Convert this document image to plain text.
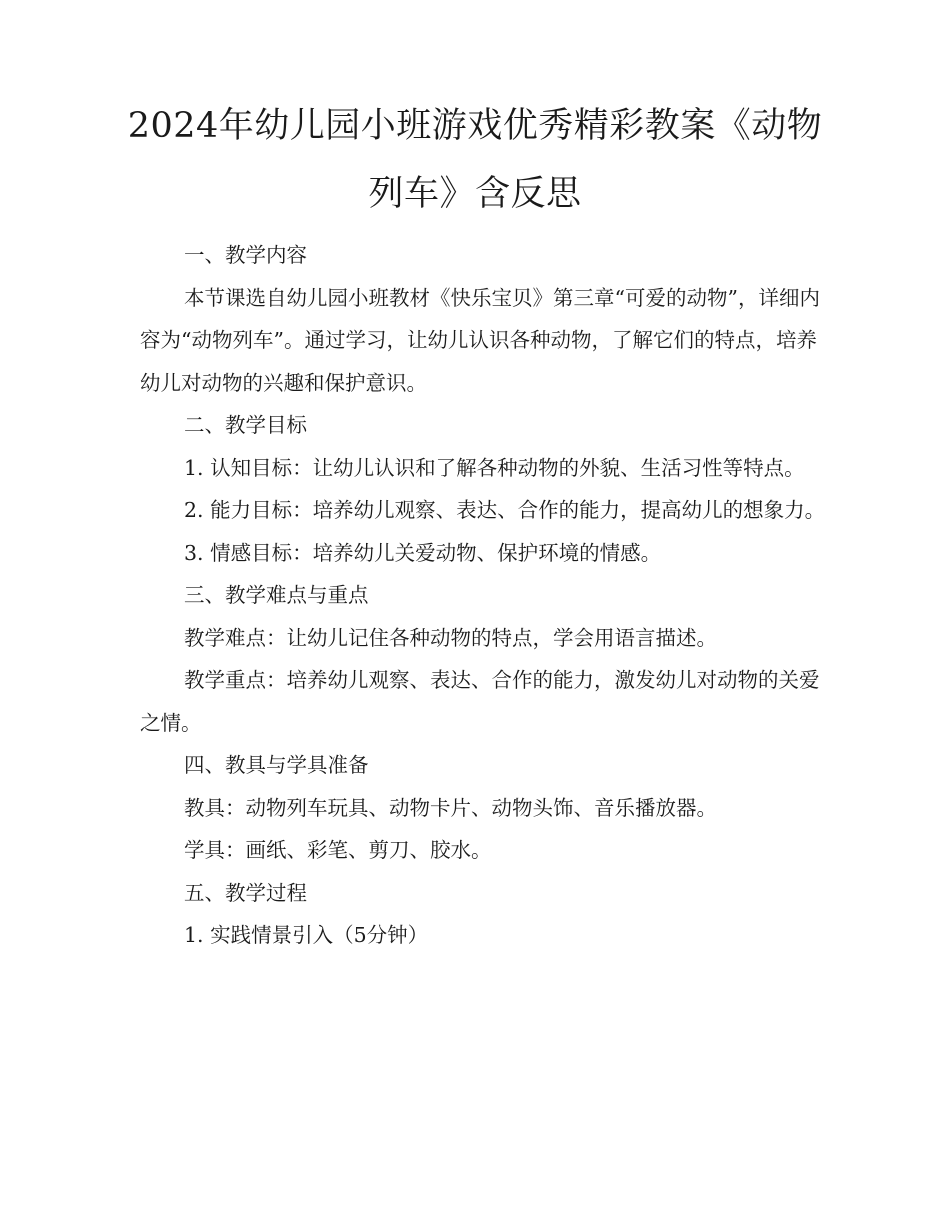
2024年幼儿园小班游戏优秀精彩教案《动物
列车》含反思

一、教学内容

本节课选自幼儿园小班教材《快乐宝贝》第三章“可爱的动物”，详细内容为“动物列车”。通过学习，让幼儿认识各种动物，了解它们的特点，培养幼儿对动物的兴趣和保护意识。

二、教学目标

1. 认知目标：让幼儿认识和了解各种动物的外貌、生活习性等特点。

2. 能力目标：培养幼儿观察、表达、合作的能力，提高幼儿的想象力。

3. 情感目标：培养幼儿关爱动物、保护环境的情感。

三、教学难点与重点

教学难点：让幼儿记住各种动物的特点，学会用语言描述。

教学重点：培养幼儿观察、表达、合作的能力，激发幼儿对动物的关爱之情。

四、教具与学具准备

教具：动物列车玩具、动物卡片、动物头饰、音乐播放器。

学具：画纸、彩笔、剪刀、胶水。

五、教学过程

1. 实践情景引入（5分钟）
